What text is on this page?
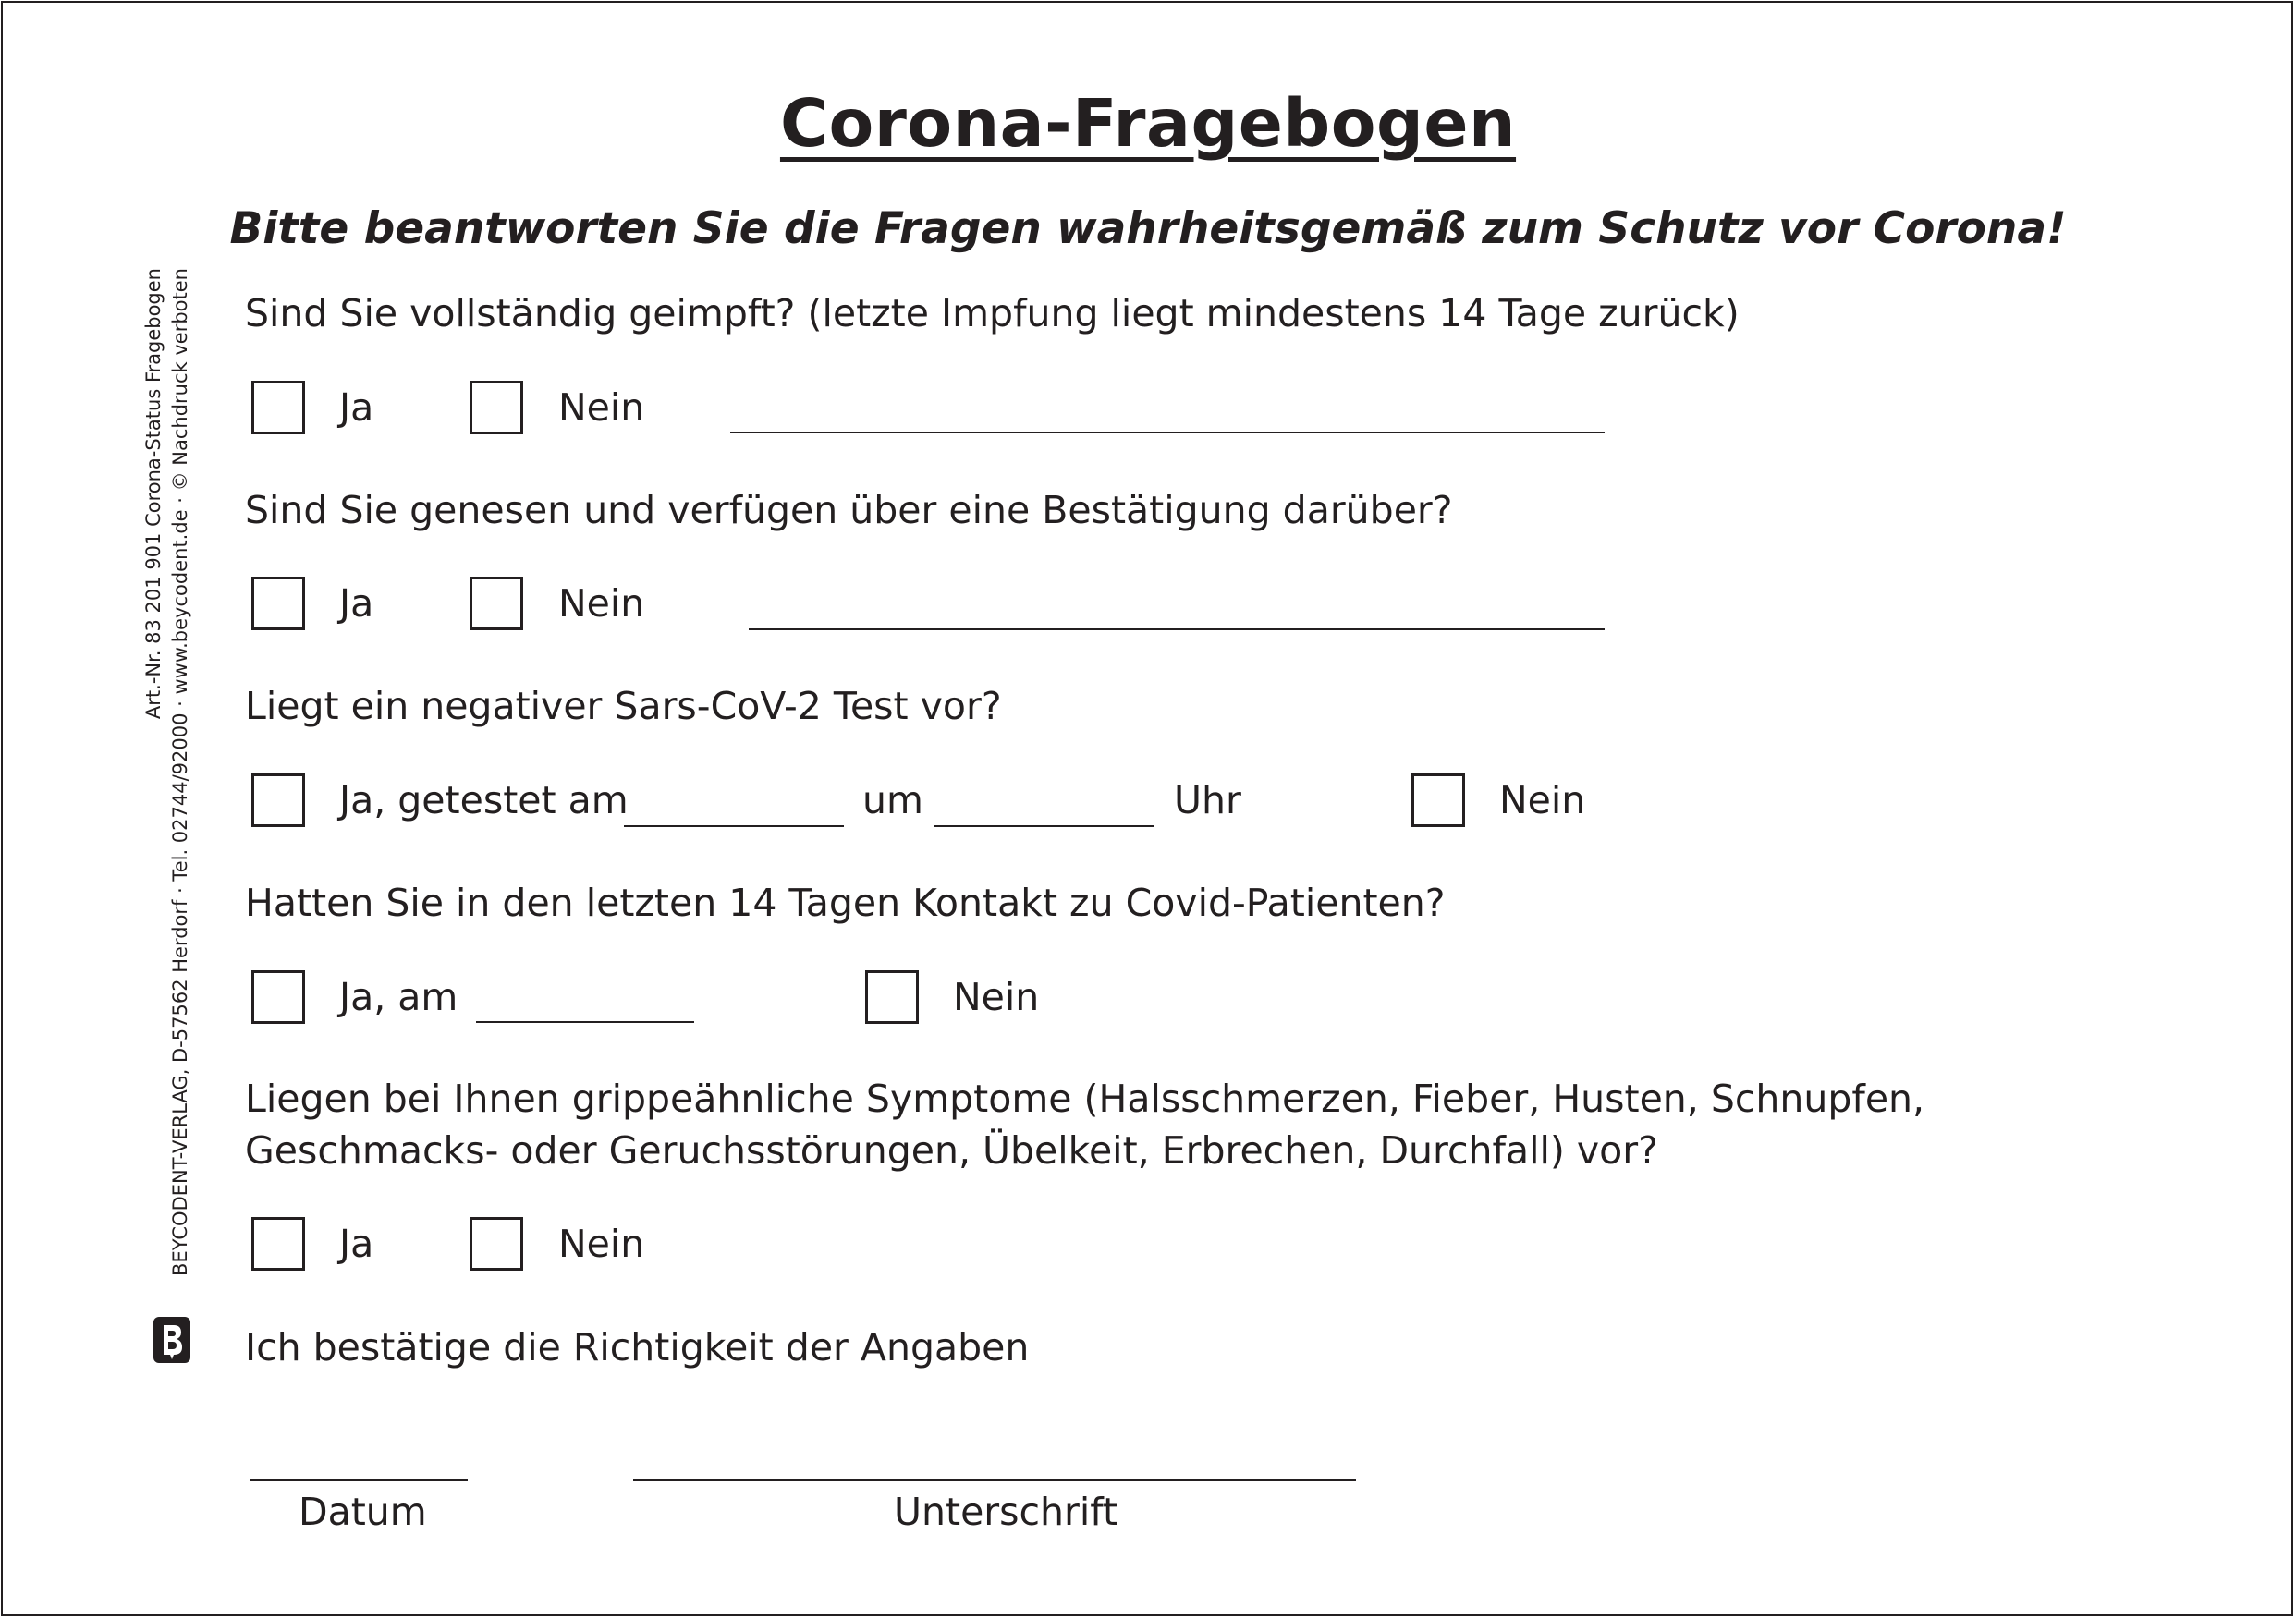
Corona-Fragebogen
Bitte beantworten Sie die Fragen wahrheitsgemäß zum Schutz vor Corona!
Sind Sie vollständig geimpft? (letzte Impfung liegt mindestens 14 Tage zurück)
Ja	Nein
Sind Sie genesen und verfügen über eine Bestätigung darüber?
Ja	Nein
Liegt ein negativer Sars-CoV-2 Test vor?
Ja, getestet am	um	Uhr	Nein
Hatten Sie in den letzten 14 Tagen Kontakt zu Covid-Patienten?
Ja, am	Nein
Liegen bei Ihnen grippeähnliche Symptome (Halsschmerzen, Fieber, Husten, Schnupfen,
Geschmacks- oder Geruchsstörungen, Übelkeit, Erbrechen, Durchfall) vor?
Ja	Nein
Ich bestätige die Richtigkeit der Angaben
Datum	Unterschrift
Art.-Nr. 83 201 901 Corona-Status Fragebogen BEYCODENT-VERLAG, D-57562 Herdorf · Tel. 02744/92000 · www.beycodent.de · © Nachdruck verboten
